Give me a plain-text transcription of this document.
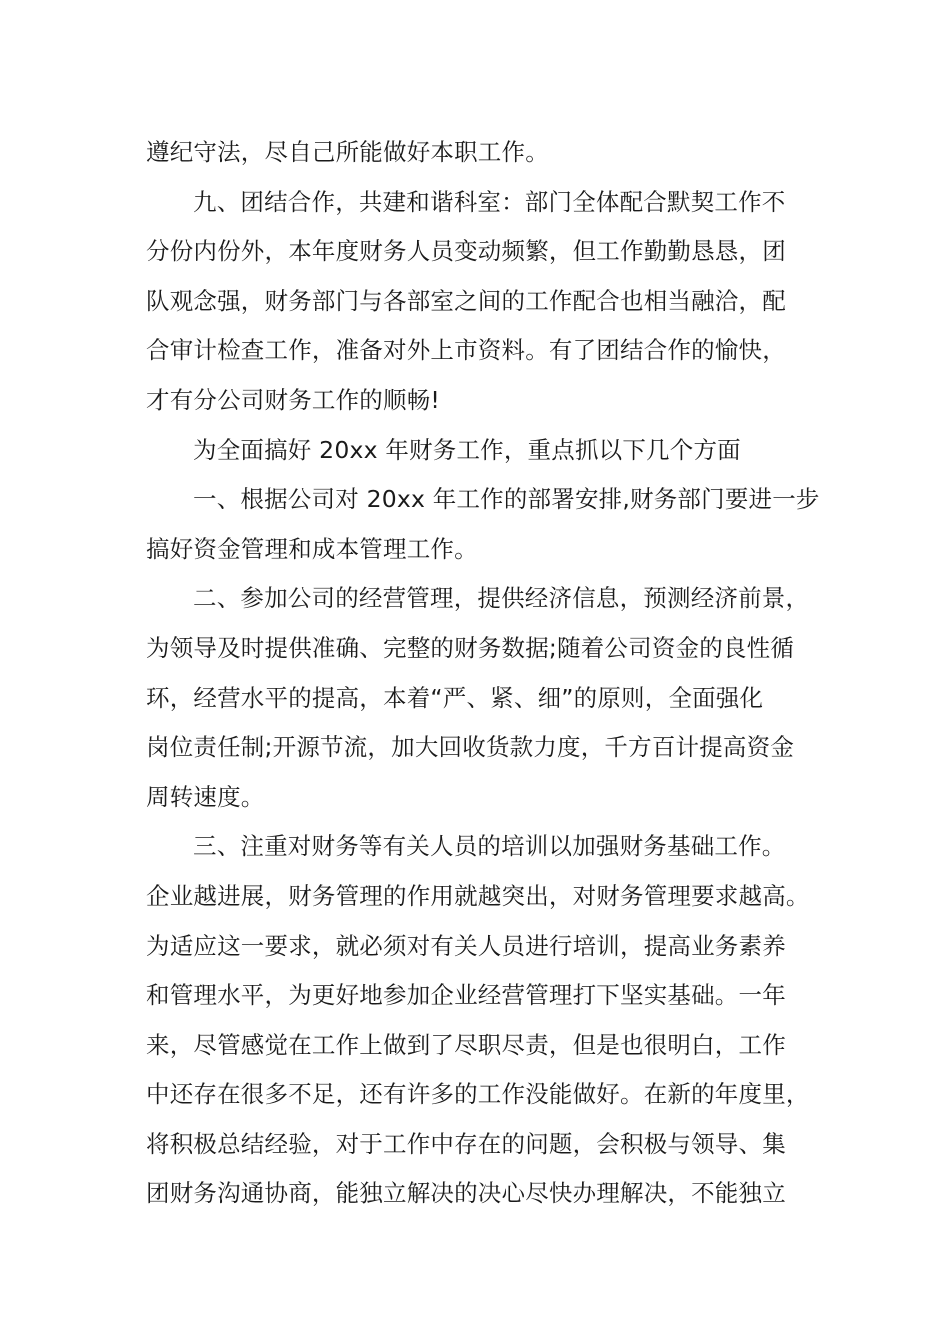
遵纪守法，尽自己所能做好本职工作。
九、团结合作，共建和谐科室：部门全体配合默契工作不
分份内份外，本年度财务人员变动频繁，但工作勤勤恳恳，团
队观念强，财务部门与各部室之间的工作配合也相当融洽，配
合审计检查工作，准备对外上市资料。有了团结合作的愉快，
才有分公司财务工作的顺畅!
为全面搞好 20xx 年财务工作，重点抓以下几个方面
一、根据公司对 20xx 年工作的部署安排,财务部门要进一步
搞好资金管理和成本管理工作。
二、参加公司的经营管理，提供经济信息，预测经济前景，
为领导及时提供准确、完整的财务数据;随着公司资金的良性循
环，经营水平的提高，本着“严、紧、细”的原则，全面强化
岗位责任制;开源节流，加大回收货款力度，千方百计提高资金
周转速度。
三、注重对财务等有关人员的培训以加强财务基础工作。
企业越进展，财务管理的作用就越突出，对财务管理要求越高。
为适应这一要求，就必须对有关人员进行培训，提高业务素养
和管理水平，为更好地参加企业经营管理打下坚实基础。一年
来，尽管感觉在工作上做到了尽职尽责，但是也很明白，工作
中还存在很多不足，还有许多的工作没能做好。在新的年度里，
将积极总结经验，对于工作中存在的问题，会积极与领导、集
团财务沟通协商，能独立解决的决心尽快办理解决，不能独立
